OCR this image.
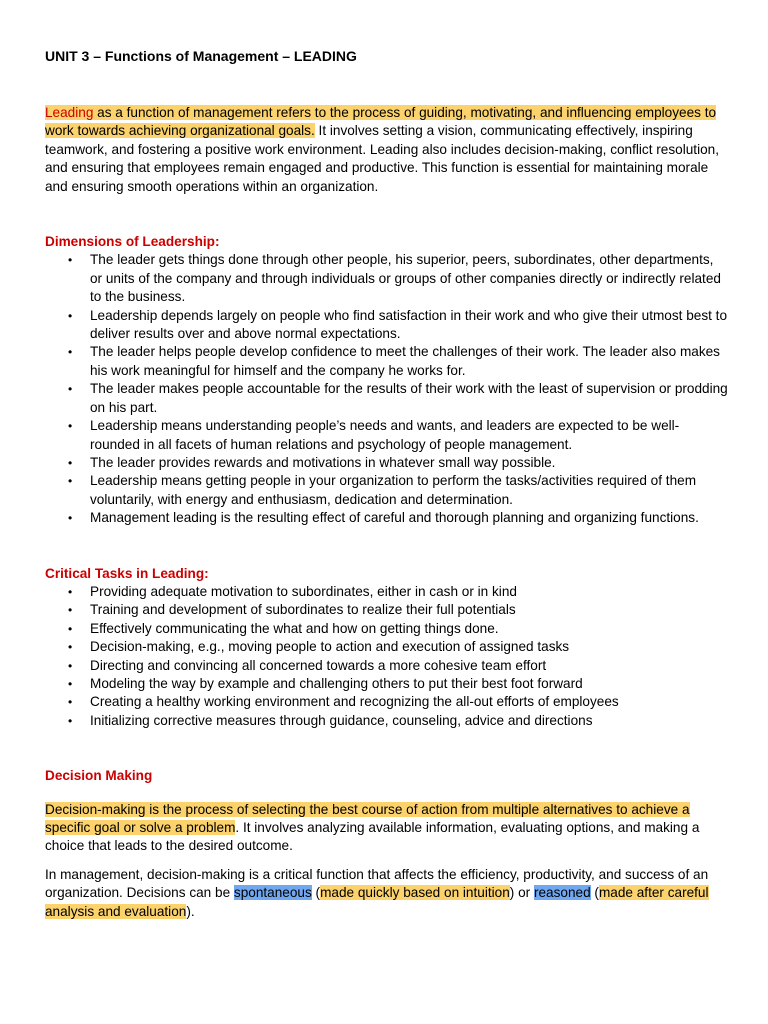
UNIT 3 – Functions of Management – LEADING

Leading as a function of management refers to the process of guiding, motivating, and influencing employees to work towards achieving organizational goals. It involves setting a vision, communicating effectively, inspiring teamwork, and fostering a positive work environment. Leading also includes decision-making, conflict resolution, and ensuring that employees remain engaged and productive. This function is essential for maintaining morale and ensuring smooth operations within an organization.

Dimensions of Leadership:
• The leader gets things done through other people, his superior, peers, subordinates, other departments, or units of the company and through individuals or groups of other companies directly or indirectly related to the business.
• Leadership depends largely on people who find satisfaction in their work and who give their utmost best to deliver results over and above normal expectations.
• The leader helps people develop confidence to meet the challenges of their work. The leader also makes his work meaningful for himself and the company he works for.
• The leader makes people accountable for the results of their work with the least of supervision or prodding on his part.
• Leadership means understanding people’s needs and wants, and leaders are expected to be well-rounded in all facets of human relations and psychology of people management.
• The leader provides rewards and motivations in whatever small way possible.
• Leadership means getting people in your organization to perform the tasks/activities required of them voluntarily, with energy and enthusiasm, dedication and determination.
• Management leading is the resulting effect of careful and thorough planning and organizing functions.
Critical Tasks in Leading:
• Providing adequate motivation to subordinates, either in cash or in kind
• Training and development of subordinates to realize their full potentials
• Effectively communicating the what and how on getting things done.
• Decision-making, e.g., moving people to action and execution of assigned tasks
• Directing and convincing all concerned towards a more cohesive team effort
• Modeling the way by example and challenging others to put their best foot forward
• Creating a healthy working environment and recognizing the all-out efforts of employees
• Initializing corrective measures through guidance, counseling, advice and directions
Decision Making

Decision-making is the process of selecting the best course of action from multiple alternatives to achieve a specific goal or solve a problem. It involves analyzing available information, evaluating options, and making a choice that leads to the desired outcome.

In management, decision-making is a critical function that affects the efficiency, productivity, and success of an organization. Decisions can be spontaneous (made quickly based on intuition) or reasoned (made after careful analysis and evaluation).
